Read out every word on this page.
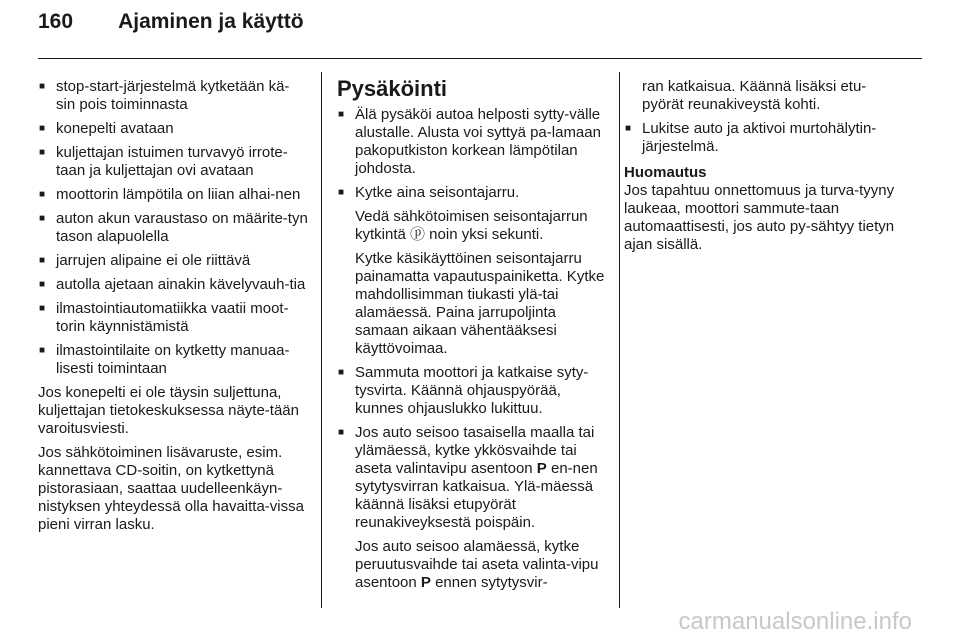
160 Ajaminen ja käyttö
■ stop-start-järjestelmä kytketään kä-sin pois toiminnasta
■ konepelti avataan
■ kuljettajan istuimen turvavyö irrote-taan ja kuljettajan ovi avataan
■ moottorin lämpötila on liian alhai-nen
■ auton akun varaustaso on määrite-tyn tason alapuolella
■ jarrujen alipaine ei ole riittävä
■ autolla ajetaan ainakin kävelyvauh-tia
■ ilmastointiautomatiikka vaatii moot-torin käynnistämistä
■ ilmastointilaite on kytketty manuaa-lisesti toimintaan

Jos konepelti ei ole täysin suljettuna, kuljettajan tietokeskuksessa näyte-tään varoitusviesti.

Jos sähkötoiminen lisävaruste, esim. kannettava CD-soitin, on kytkettynä pistorasiaan, saattaa uudelleenkäyn-nistyksen yhteydessä olla havaitta-vissa pieni virran lasku.

Pysäköinti
■ Älä pysäköi autoa helposti sytty-välle alustalle. Alusta voi syttyä pa-lamaan pakoputkiston korkean lämpötilan johdosta.
■ Kytke aina seisontajarru.

Vedä sähkötoimisen seisontajarrun kytkintä ⓟ noin yksi sekunti.

Kytke käsikäyttöinen seisontajarru painamatta vapautuspainiketta. Kytke mahdollisimman tiukasti ylä-tai alamäessä. Paina jarrupoljinta samaan aikaan vähentääksesi käyttövoimaa.

■ Sammuta moottori ja katkaise syty-tysvirta. Käännä ohjauspyörää, kunnes ohjauslukko lukittuu.
■ Jos auto seisoo tasaisella maalla tai ylämäessä, kytke ykkösvaihde tai aseta valintavipu asentoon P en-nen sytytysvirran katkaisua. Ylä-mäessä käännä lisäksi etupyörät reunakiveyksestä poispäin.

Jos auto seisoo alamäessä, kytke peruutusvaihde tai aseta valinta-vipu asentoon P ennen sytytysvir-

ran katkaisua. Käännä lisäksi etu-pyörät reunakiveystä kohti.

■ Lukitse auto ja aktivoi murtohälytin-järjestelmä.
Huomautus

Jos tapahtuu onnettomuus ja turva-tyyny laukeaa, moottori sammute-taan automaattisesti, jos auto py-sähtyy tietyn ajan sisällä.

carmanualsonline.info
